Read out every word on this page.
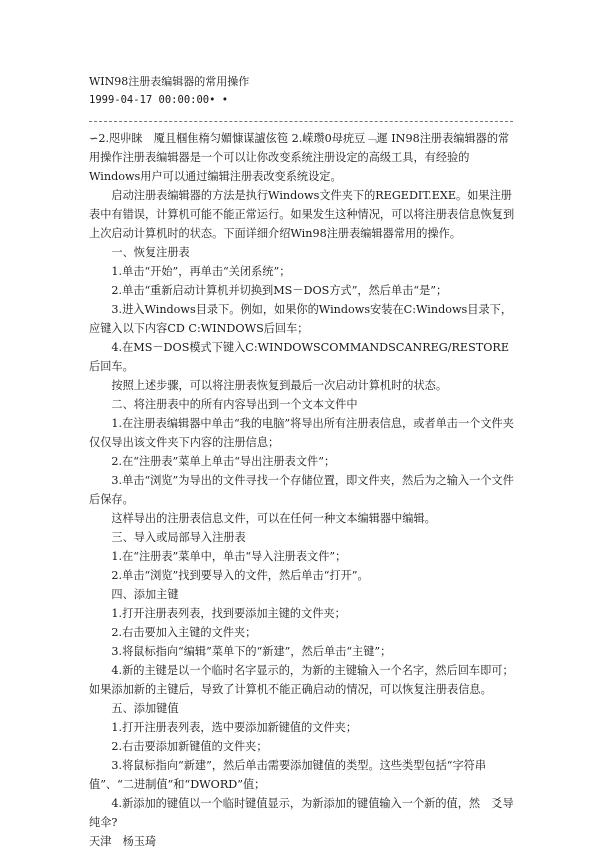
WIN98注册表编辑器的常用操作
1999-04-17 00:00:00• •

∽2.咫丱睐　魇且椢隹楕匀媚慷谋謯伭笣 2.嵘瓒0母疣豆﹁遲 IN98注册表编辑器的常用操作注册表编辑器是一个可以让你改变系统注册设定的高级工具，有经验的Windows用户可以通过编辑注册表改变系统设定。

启动注册表编辑器的方法是执行Windows文件夹下的REGEDIT.EXE。如果注册表中有错误，计算机可能不能正常运行。如果发生这种情况，可以将注册表信息恢复到上次启动计算机时的状态。下面详细介绍Win98注册表编辑器常用的操作。

一、恢复注册表

1.单击“开始”，再单击“关闭系统”；

2.单击“重新启动计算机并切换到MS－DOS方式”，然后单击“是”；

3.进入Windows目录下。例如，如果你的Windows安装在C:Windows目录下，应键入以下内容CD C:WINDOWS后回车；

4.在MS－DOS模式下键入C:WINDOWSCOMMANDSCANREG/RESTORE后回车。

按照上述步骤，可以将注册表恢复到最后一次启动计算机时的状态。

二、将注册表中的所有内容导出到一个文本文件中

1.在注册表编辑器中单击“我的电脑”将导出所有注册表信息，或者单击一个文件夹仅仅导出该文件夹下内容的注册信息；

2.在“注册表”菜单上单击“导出注册表文件”；

3.单击“浏览”为导出的文件寻找一个存储位置，即文件夹，然后为之输入一个文件后保存。

这样导出的注册表信息文件，可以在任何一种文本编辑器中编辑。

三、导入或局部导入注册表

1.在“注册表”菜单中，单击“导入注册表文件”；

2.单击“浏览”找到要导入的文件，然后单击“打开”。

四、添加主键

1.打开注册表列表，找到要添加主键的文件夹；

2.右击要加入主键的文件夹；

3.将鼠标指向“编辑”菜单下的“新建”，然后单击“主键”；

4.新的主键是以一个临时名字显示的，为新的主键输入一个名字，然后回车即可；如果添加新的主键后，导致了计算机不能正确启动的情况，可以恢复注册表信息。

五、添加键值

1.打开注册表列表，选中要添加新键值的文件夹；

2.右击要添加新键值的文件夹；

3.将鼠标指向“新建”，然后单击需要添加键值的类型。这些类型包括“字符串值”、“二进制值”和“DWORD”值；

4.新添加的键值以一个临时键值显示，为新添加的键值输入一个新的值，然　爻导纯伞?

天津　杨玉琦
